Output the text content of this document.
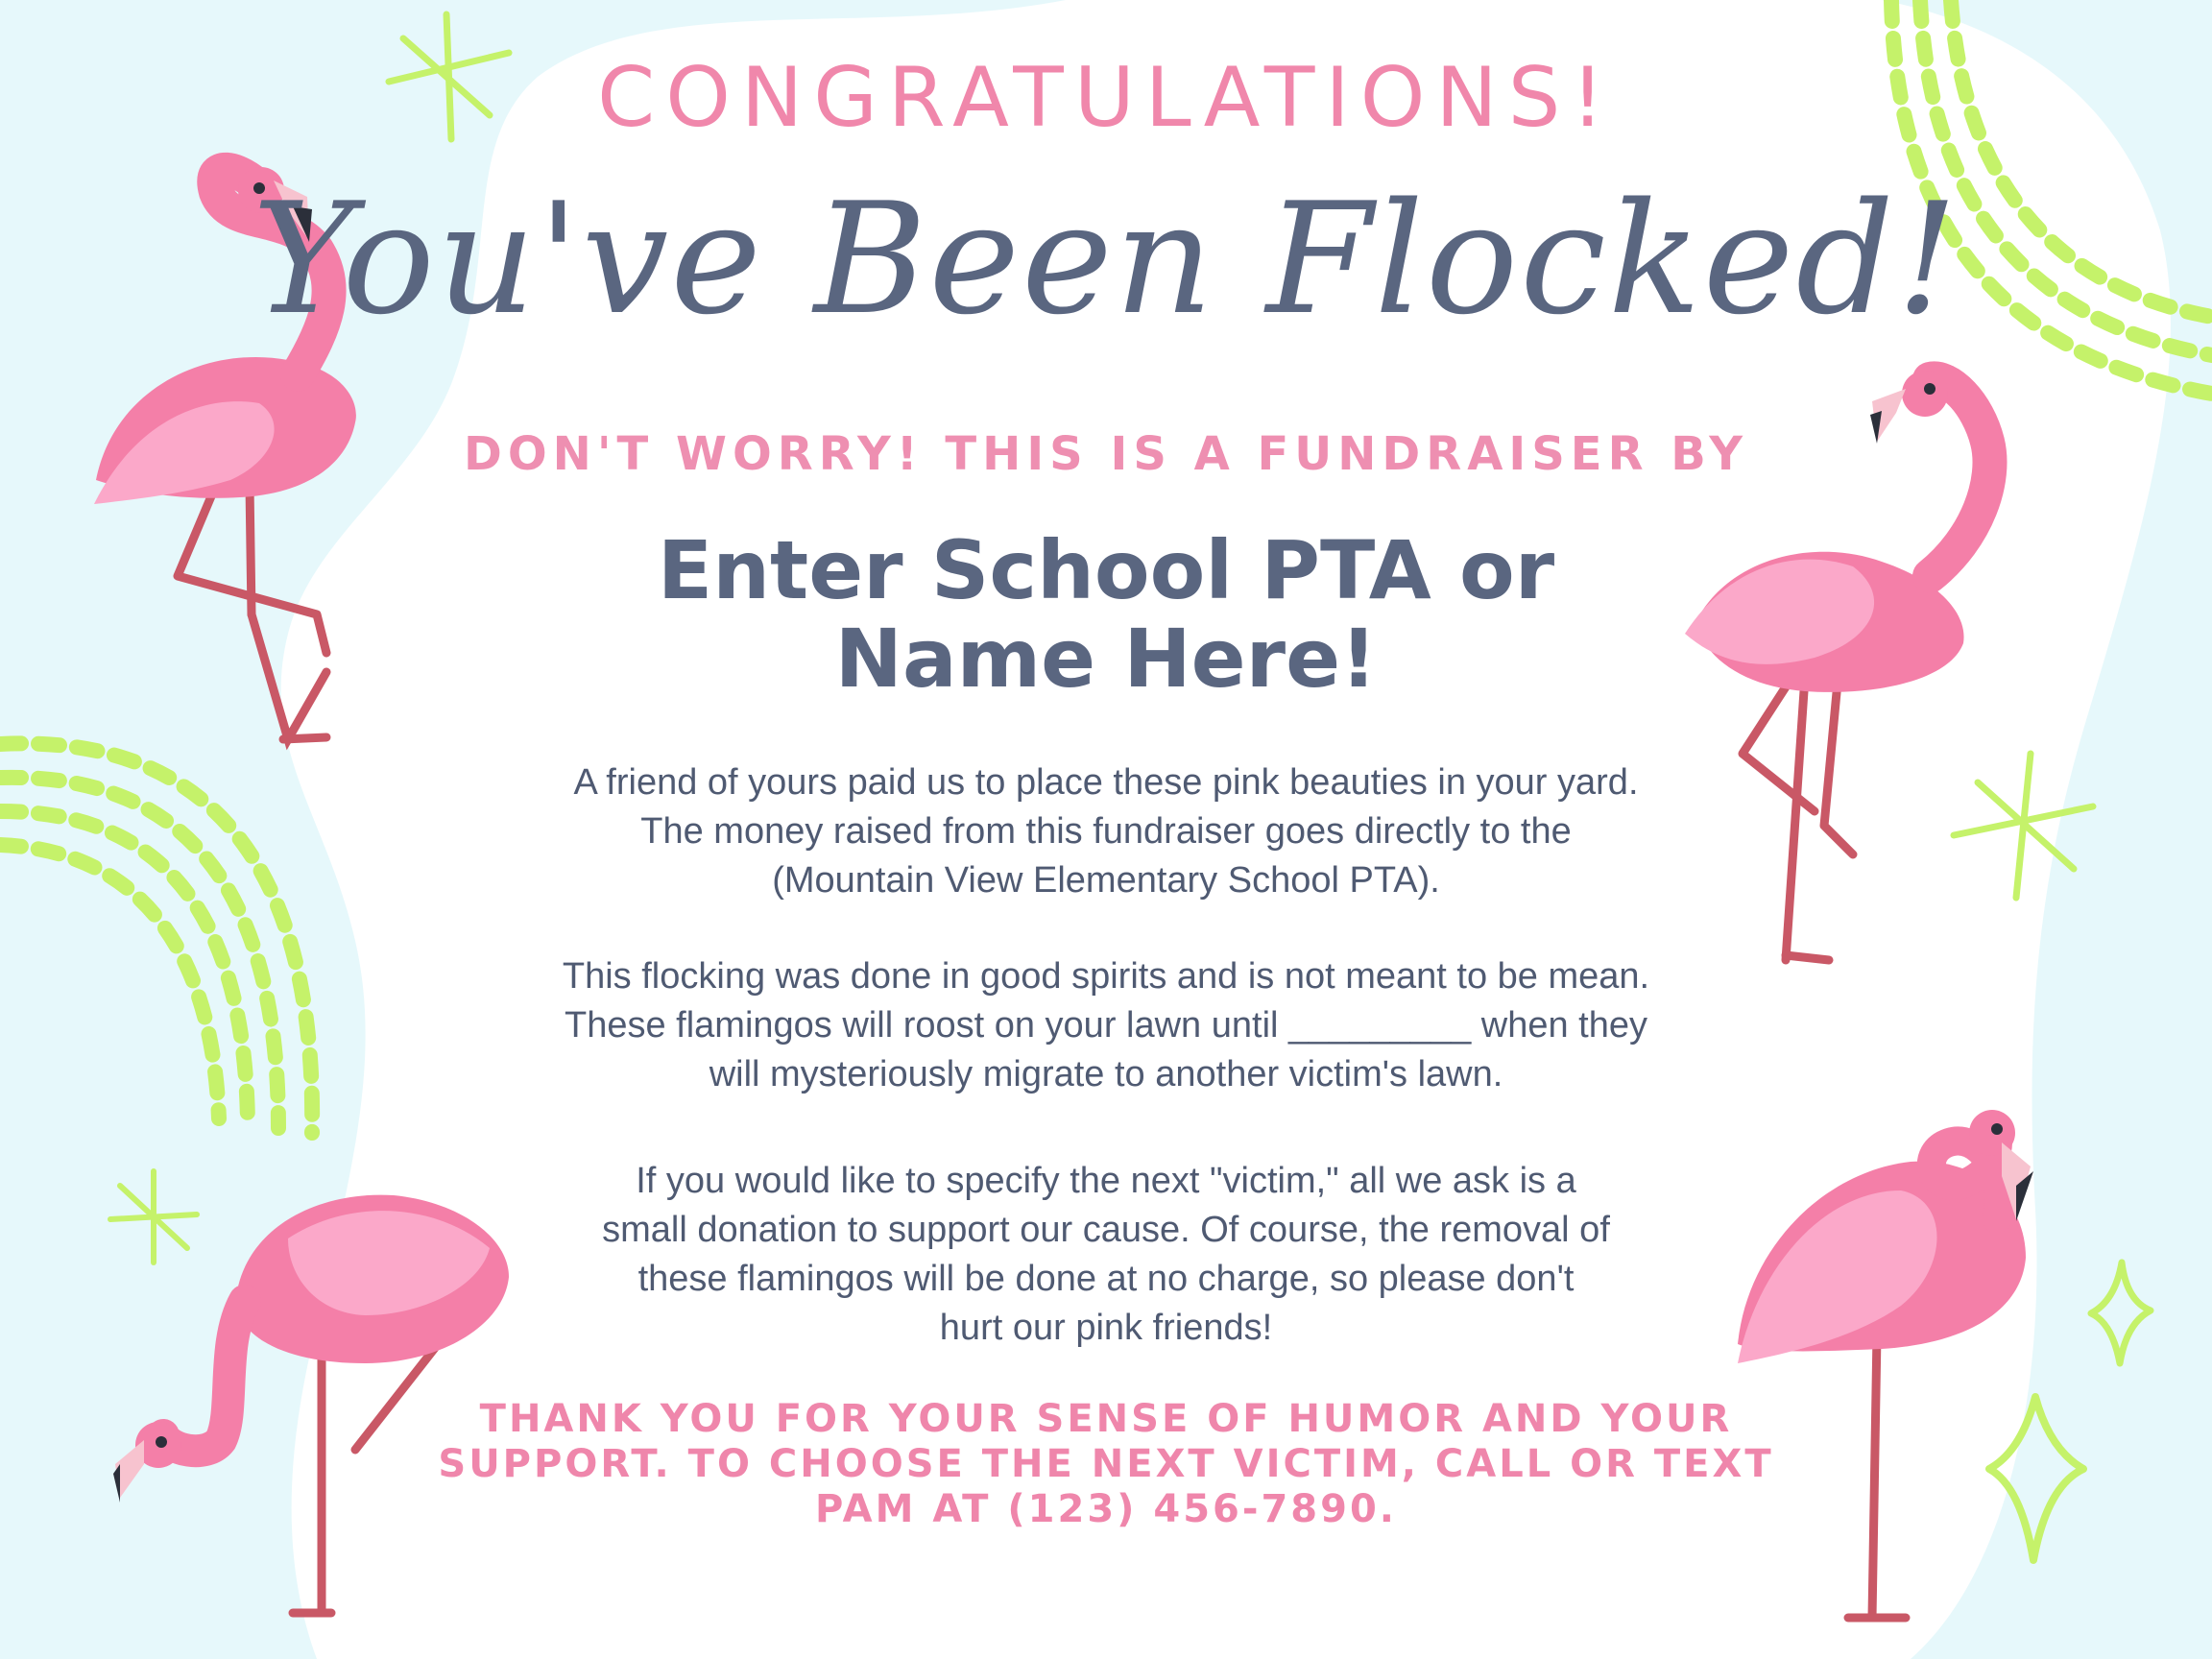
CONGRATULATIONS!
You've Been Flocked!
DON'T WORRY! THIS IS A FUNDRAISER BY
Enter School PTA or
Name Here!
A friend of yours paid us to place these pink beauties in your yard.
The money raised from this fundraiser goes directly to the
(Mountain View Elementary School PTA).
This flocking was done in good spirits and is not meant to be mean.
These flamingos will roost on your lawn until _________ when they
will mysteriously migrate to another victim's lawn.
If you would like to specify the next "victim," all we ask is a
small donation to support our cause. Of course, the removal of
these flamingos will be done at no charge, so please don't
hurt our pink friends!
THANK YOU FOR YOUR SENSE OF HUMOR AND YOUR
SUPPORT. TO CHOOSE THE NEXT VICTIM, CALL OR TEXT
PAM AT (123) 456-7890.
